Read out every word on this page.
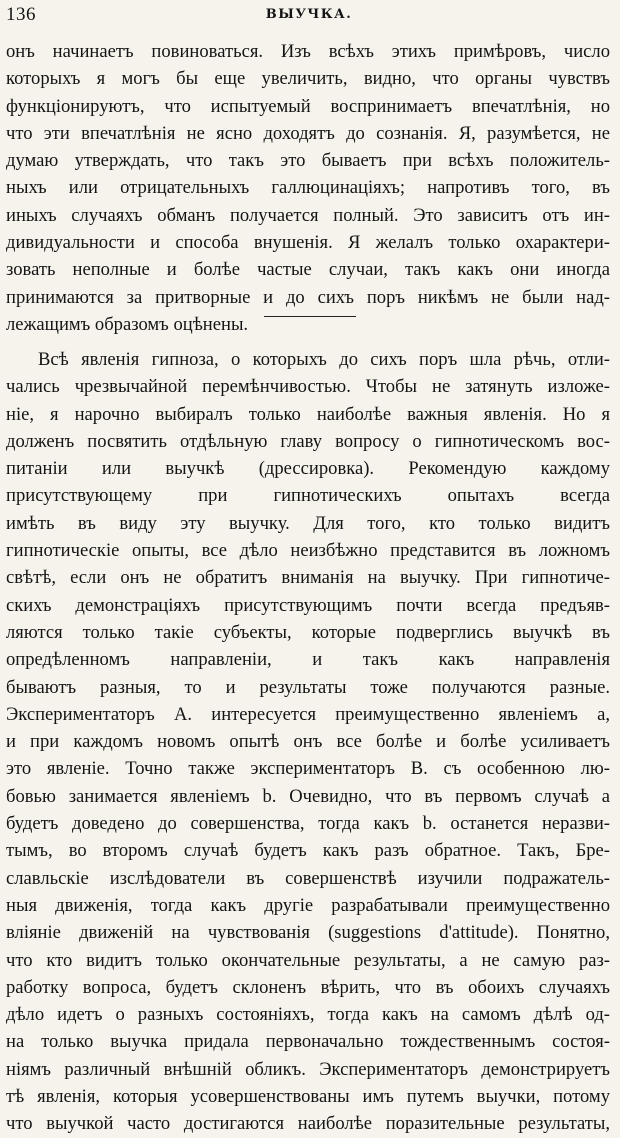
136	ВЫУЧКА.
онъ начинаетъ повиноваться. Изъ всѣхъ этихъ примѣровъ, число
которыхъ я могъ бы еще увеличить, видно, что органы чувствъ
функціонируютъ, что испытуемый воспринимаетъ впечатлѣнія, но
что эти впечатлѣнія не ясно доходятъ до сознанія. Я, разумѣется, не
думаю утверждать, что такъ это бываетъ при всѣхъ положитель-
ныхъ или отрицательныхъ галлюцинаціяхъ; напротивъ того, въ
иныхъ случаяхъ обманъ получается полный. Это зависитъ отъ ин-
дивидуальности и способа внушенія. Я желалъ только охарактери-
зовать неполные и болѣе частые случаи, такъ какъ они иногда
принимаются за притворные и до сихъ поръ никѣмъ не были над-
лежащимъ образомъ оцѣнены.
Всѣ явленія гипноза, о которыхъ до сихъ поръ шла рѣчь, отли-
чались чрезвычайной перемѣнчивостью. Чтобы не затянуть изложе-
ніе, я нарочно выбиралъ только наиболѣе важныя явленія. Но я
долженъ посвятить отдѣльную главу вопросу о гипнотическомъ вос-
питаніи или выучкѣ (дрессировка). Рекомендую каждому
присутствующему при гипнотическихъ опытахъ всегда
имѣть въ виду эту выучку. Для того, кто только видитъ
гипнотическіе опыты, все дѣло неизбѣжно представится въ ложномъ
свѣтѣ, если онъ не обратитъ вниманія на выучку. При гипнотиче-
скихъ демонстраціяхъ присутствующимъ почти всегда предъяв-
ляются только такіе субъекты, которые подверглись выучкѣ въ
опредѣленномъ направленіи, и такъ какъ направленія
бываютъ разныя, то и результаты тоже получаются разные.
Экспериментаторъ А. интересуется преимущественно явленіемъ a,
и при каждомъ новомъ опытѣ онъ все болѣе и болѣе усиливаетъ
это явленіе. Точно также экспериментаторъ В. съ особенною лю-
бовью занимается явленіемъ b. Очевидно, что въ первомъ случаѣ a
будетъ доведено до совершенства, тогда какъ b. останется неразви-
тымъ, во второмъ случаѣ будетъ какъ разъ обратное. Такъ, Бре-
славльскіе изслѣдователи въ совершенствѣ изучили подражатель-
ныя движенія, тогда какъ другіе разрабатывали преимущественно
вліяніе движеній на чувствованія (suggestions d'attitude). Понятно,
что кто видитъ только окончательные результаты, а не самую раз-
работку вопроса, будетъ склоненъ вѣрить, что въ обоихъ случаяхъ
дѣло идетъ о разныхъ состояніяхъ, тогда какъ на самомъ дѣлѣ од-
на только выучка придала первоначально тождественнымъ состоя-
ніямъ различный внѣшній обликъ. Экспериментаторъ демонстрируетъ
тѣ явленія, которыя усовершенствованы имъ путемъ выучки, потому
что выучкой часто достигаются наиболѣе поразительные результаты,
